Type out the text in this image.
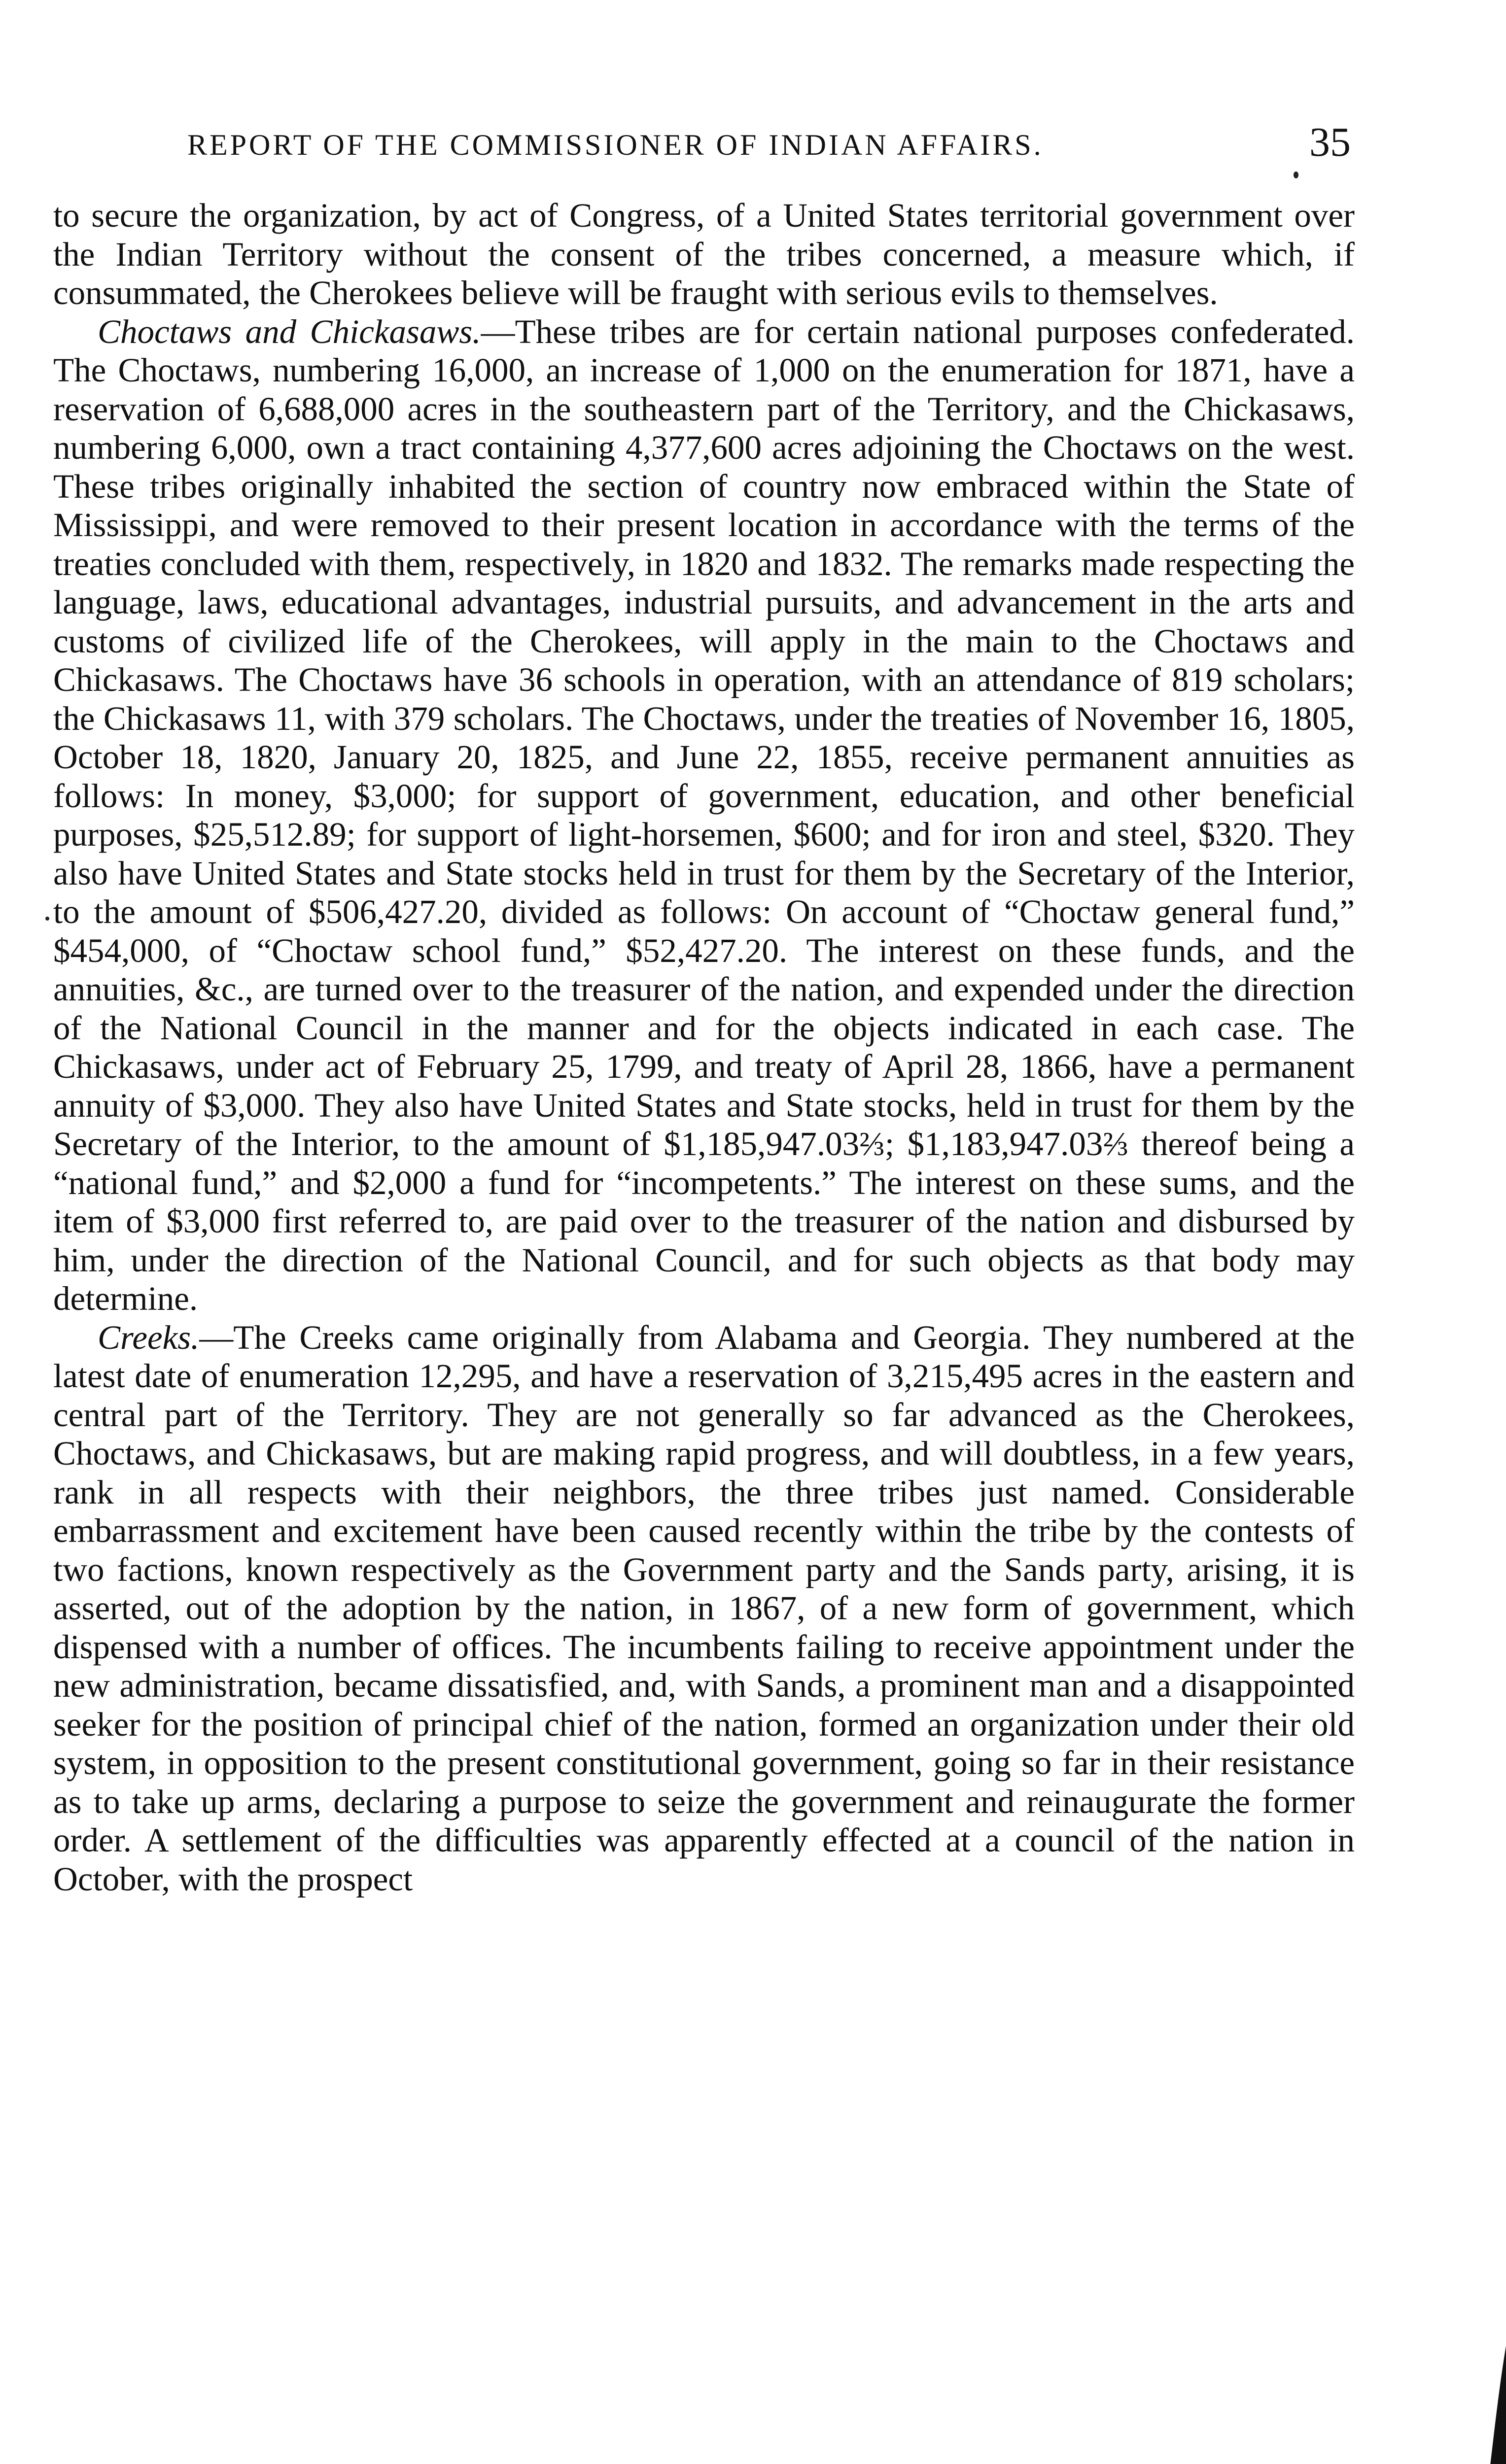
REPORT OF THE COMMISSIONER OF INDIAN AFFAIRS.	35

to secure the organization, by act of Congress, of a United States territorial government over the Indian Territory without the consent of the tribes concerned, a measure which, if consummated, the Cherokees believe will be fraught with serious evils to themselves.

Choctaws and Chickasaws.—These tribes are for certain national purposes confederated. The Choctaws, numbering 16,000, an increase of 1,000 on the enumeration for 1871, have a reservation of 6,688,000 acres in the southeastern part of the Territory, and the Chickasaws, numbering 6,000, own a tract containing 4,377,600 acres adjoining the Choctaws on the west. These tribes originally inhabited the section of country now embraced within the State of Mississippi, and were removed to their present location in accordance with the terms of the treaties concluded with them, respectively, in 1820 and 1832. The remarks made respecting the language, laws, educational advantages, industrial pursuits, and advancement in the arts and customs of civilized life of the Cherokees, will apply in the main to the Choctaws and Chickasaws. The Choctaws have 36 schools in operation, with an attendance of 819 scholars; the Chickasaws 11, with 379 scholars. The Choctaws, under the treaties of November 16, 1805, October 18, 1820, January 20, 1825, and June 22, 1855, receive permanent annuities as follows: In money, $3,000; for support of government, education, and other beneficial purposes, $25,512.89; for support of light-horsemen, $600; and for iron and steel, $320. They also have United States and State stocks held in trust for them by the Secretary of the Interior, to the amount of $506,427.20, divided as follows: On account of “Choctaw general fund,” $454,000, of “Choctaw school fund,” $52,427.20. The interest on these funds, and the annuities, &c., are turned over to the treasurer of the nation, and expended under the direction of the National Council in the manner and for the objects indicated in each case. The Chickasaws, under act of February 25, 1799, and treaty of April 28, 1866, have a permanent annuity of $3,000. They also have United States and State stocks, held in trust for them by the Secretary of the Interior, to the amount of $1,185,947.03⅔; $1,183,947.03⅔ thereof being a “national fund,” and $2,000 a fund for “incompetents.” The interest on these sums, and the item of $3,000 first referred to, are paid over to the treasurer of the nation and disbursed by him, under the direction of the National Council, and for such objects as that body may determine.

Creeks.—The Creeks came originally from Alabama and Georgia. They numbered at the latest date of enumeration 12,295, and have a reservation of 3,215,495 acres in the eastern and central part of the Territory. They are not generally so far advanced as the Cherokees, Choctaws, and Chickasaws, but are making rapid progress, and will doubtless, in a few years, rank in all respects with their neighbors, the three tribes just named. Considerable embarrassment and excitement have been caused recently within the tribe by the contests of two factions, known respectively as the Government party and the Sands party, arising, it is asserted, out of the adoption by the nation, in 1867, of a new form of government, which dispensed with a number of offices. The incumbents failing to receive appointment under the new administration, became dissatisfied, and, with Sands, a prominent man and a disappointed seeker for the position of principal chief of the nation, formed an organization under their old system, in opposition to the present constitutional government, going so far in their resistance as to take up arms, declaring a purpose to seize the government and reinaugurate the former order. A settlement of the difficulties was apparently effected at a council of the nation in October, with the prospect
